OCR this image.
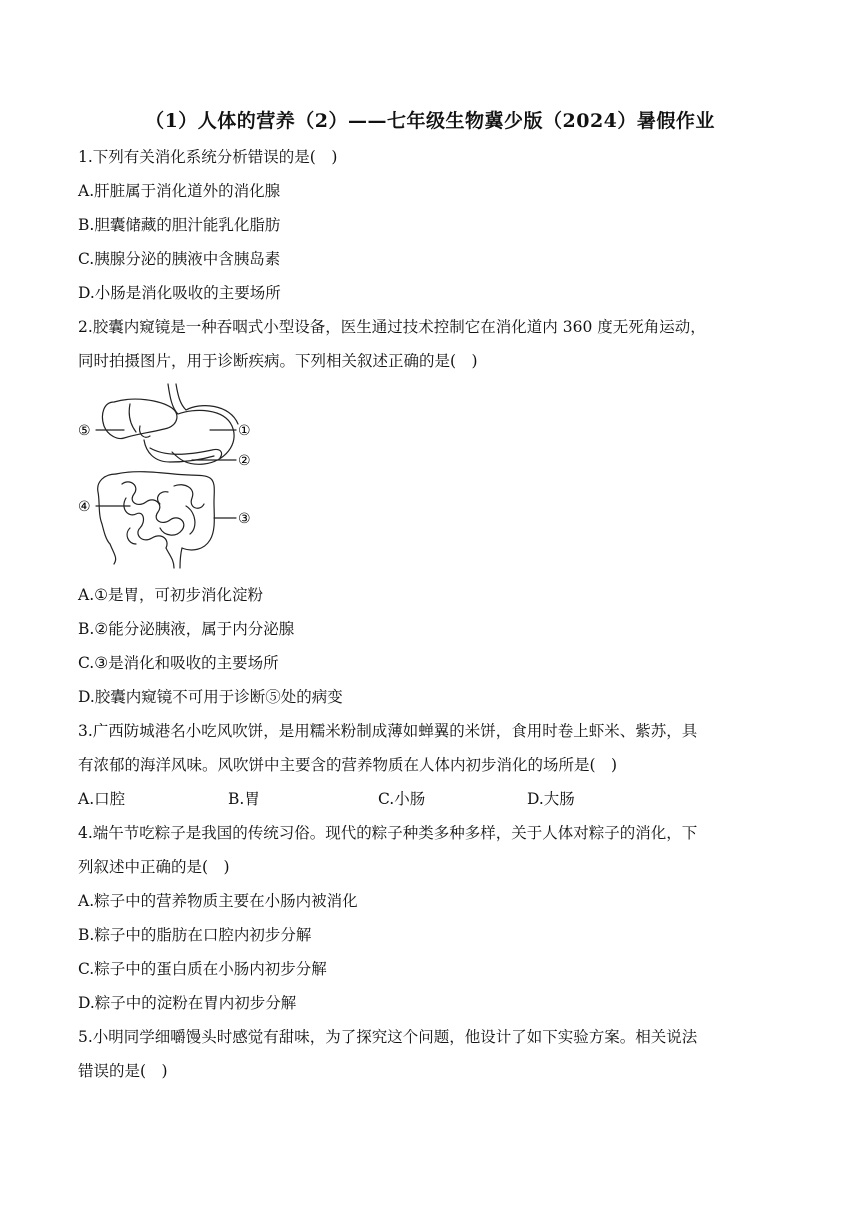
（1）人体的营养（2）——七年级生物冀少版（2024）暑假作业
1.下列有关消化系统分析错误的是(　)
A.肝脏属于消化道外的消化腺
B.胆囊储藏的胆汁能乳化脂肪
C.胰腺分泌的胰液中含胰岛素
D.小肠是消化吸收的主要场所
2.胶囊内窥镜是一种吞咽式小型设备，医生通过技术控制它在消化道内 360 度无死角运动，
同时拍摄图片，用于诊断疾病。下列相关叙述正确的是(　)
⑤	①
②
④
③
A.①是胃，可初步消化淀粉
B.②能分泌胰液，属于内分泌腺
C.③是消化和吸收的主要场所
D.胶囊内窥镜不可用于诊断⑤处的病变
3.广西防城港名小吃风吹饼，是用糯米粉制成薄如蝉翼的米饼，食用时卷上虾米、紫苏，具
有浓郁的海洋风味。风吹饼中主要含的营养物质在人体内初步消化的场所是(　)
A.口腔	B.胃	C.小肠	D.大肠
4.端午节吃粽子是我国的传统习俗。现代的粽子种类多种多样，关于人体对粽子的消化，下
列叙述中正确的是(　)
A.粽子中的营养物质主要在小肠内被消化
B.粽子中的脂肪在口腔内初步分解
C.粽子中的蛋白质在小肠内初步分解
D.粽子中的淀粉在胃内初步分解
5.小明同学细嚼馒头时感觉有甜味，为了探究这个问题，他设计了如下实验方案。相关说法
错误的是(　)
